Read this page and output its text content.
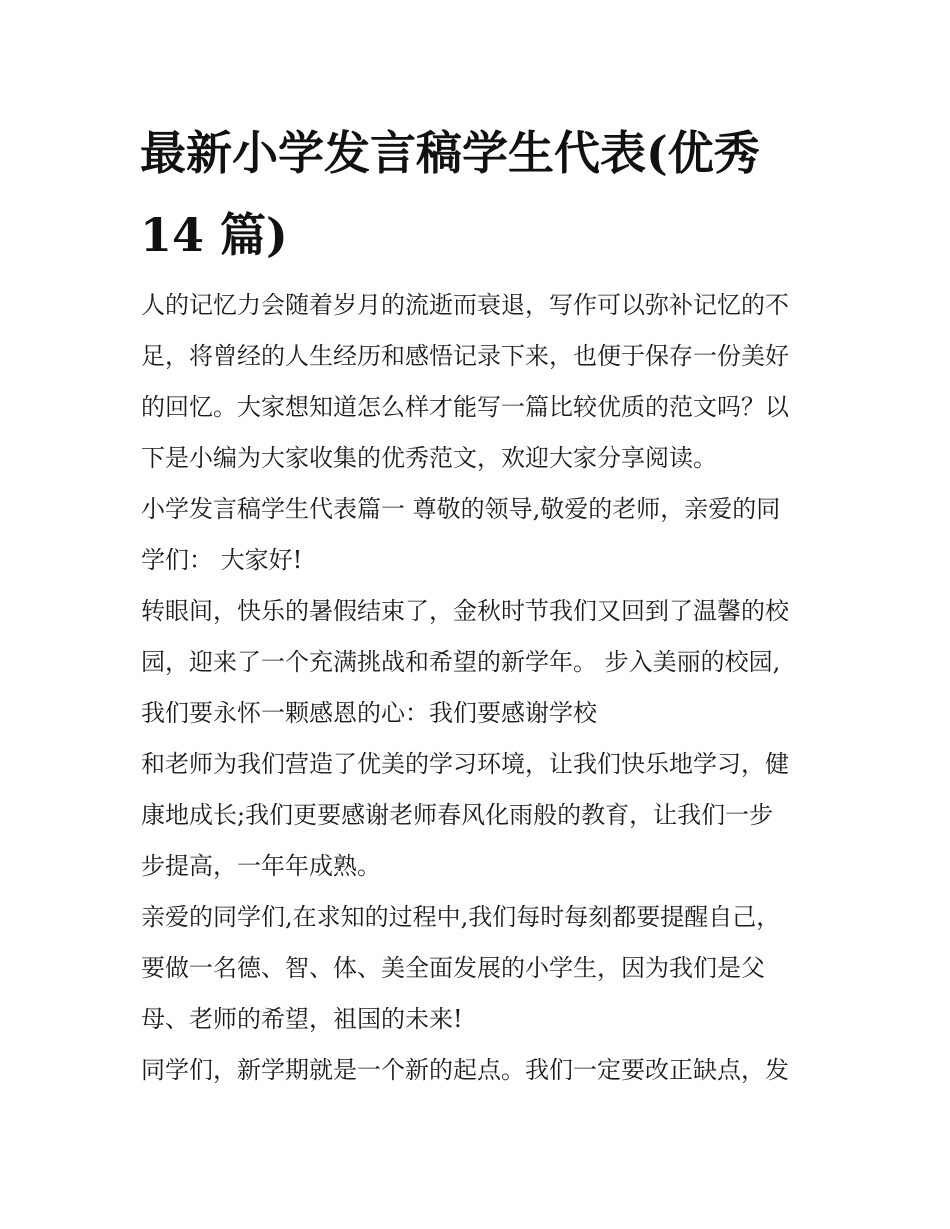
最新小学发言稿学生代表(优秀
14 篇)
人的记忆力会随着岁月的流逝而衰退，写作可以弥补记忆的不
足，将曾经的人生经历和感悟记录下来，也便于保存一份美好
的回忆。大家想知道怎么样才能写一篇比较优质的范文吗？以
下是小编为大家收集的优秀范文，欢迎大家分享阅读。
小学发言稿学生代表篇一 尊敬的领导,敬爱的老师，亲爱的同
学们： 大家好!
转眼间，快乐的暑假结束了，金秋时节我们又回到了温馨的校
园，迎来了一个充满挑战和希望的新学年。 步入美丽的校园,
我们要永怀一颗感恩的心：我们要感谢学校
和老师为我们营造了优美的学习环境，让我们快乐地学习，健
康地成长;我们更要感谢老师春风化雨般的教育，让我们一步
步提高，一年年成熟。
亲爱的同学们,在求知的过程中,我们每时每刻都要提醒自己，
要做一名德、智、体、美全面发展的小学生，因为我们是父
母、老师的希望，祖国的未来!
同学们，新学期就是一个新的起点。我们一定要改正缺点，发
